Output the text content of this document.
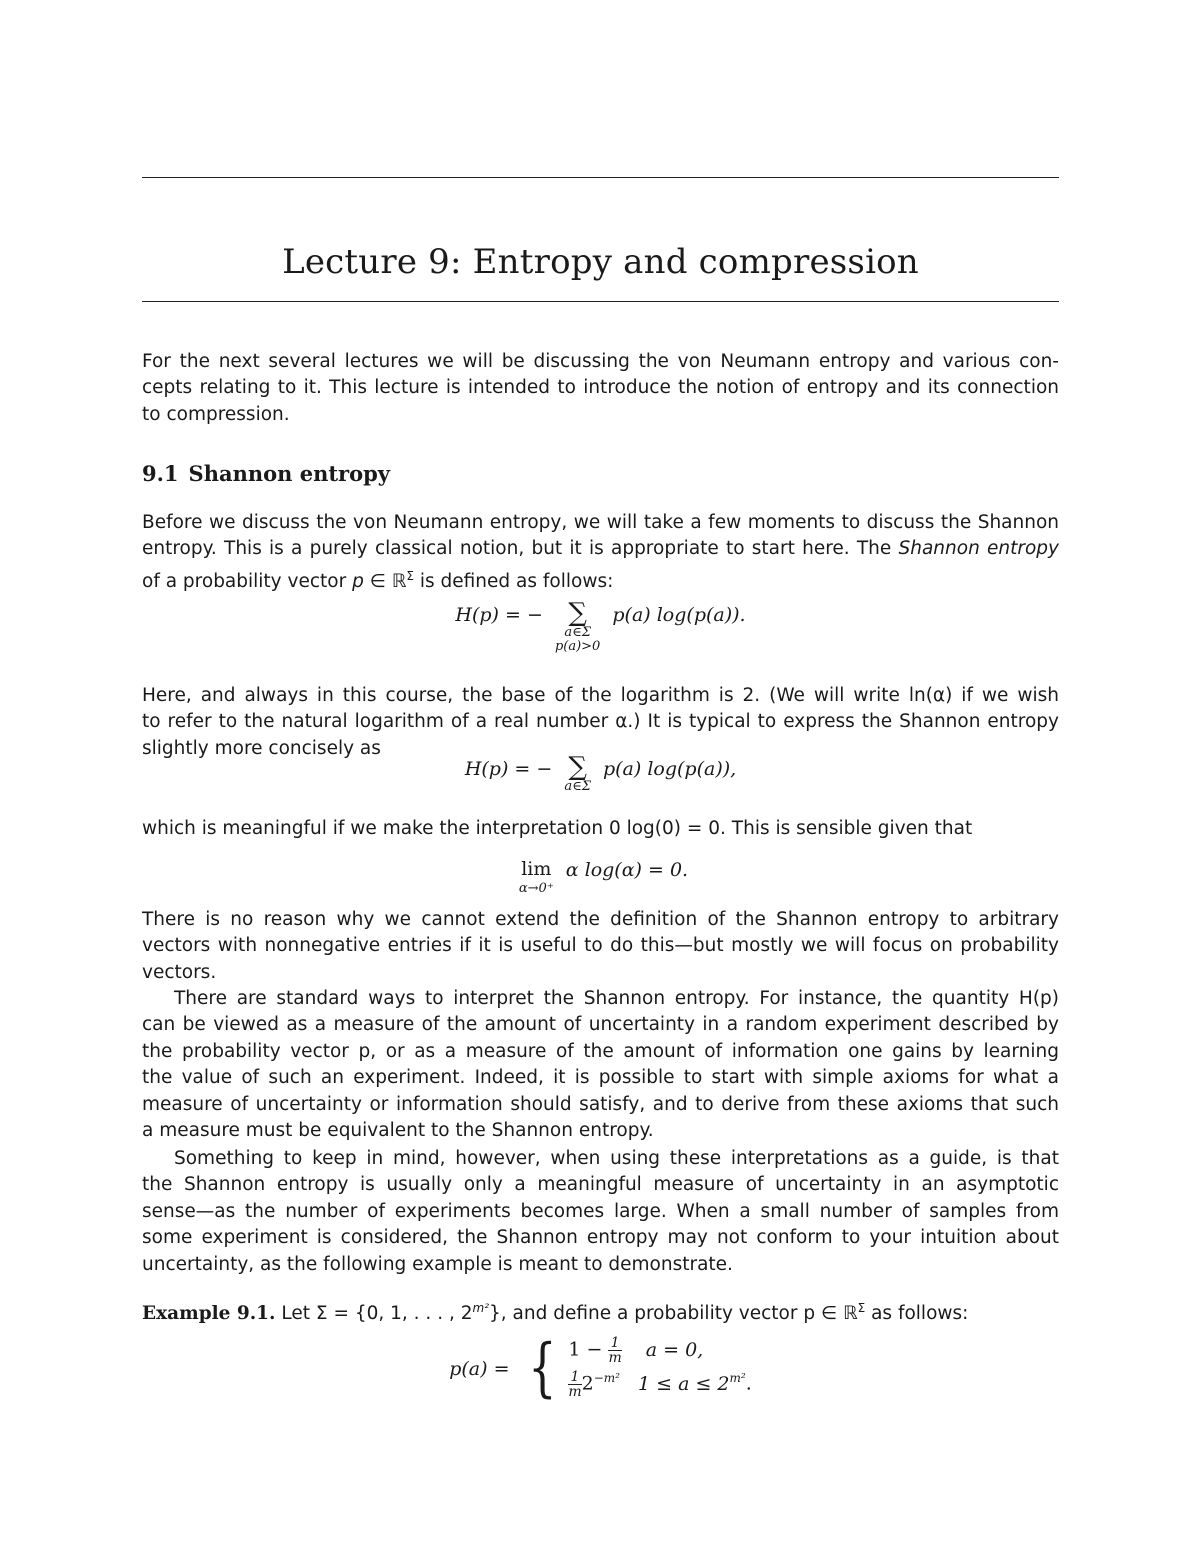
Lecture 9: Entropy and compression
For the next several lectures we will be discussing the von Neumann entropy and various con-
cepts relating to it. This lecture is intended to introduce the notion of entropy and its connection
to compression.
9.1 Shannon entropy
Before we discuss the von Neumann entropy, we will take a few moments to discuss the Shannon
entropy. This is a purely classical notion, but it is appropriate to start here. The Shannon entropy
of a probability vector p ∈ ℝ$^\Sigma$ is defined as follows:
H(p) = − ∑
a∈Σ
p(a)>0
p(a) log(p(a)).
Here, and always in this course, the base of the logarithm is 2. (We will write ln(α) if we wish
to refer to the natural logarithm of a real number α.) It is typical to express the Shannon entropy
slightly more concisely as
H(p) = − ∑
a∈Σ
p(a) log(p(a)),
which is meaningful if we make the interpretation 0 log(0) = 0. This is sensible given that
lim
α→0⁺
α log(α) = 0.
There is no reason why we cannot extend the definition of the Shannon entropy to arbitrary
vectors with nonnegative entries if it is useful to do this—but mostly we will focus on probability
vectors.
There are standard ways to interpret the Shannon entropy. For instance, the quantity H(p)
can be viewed as a measure of the amount of uncertainty in a random experiment described by
the probability vector p, or as a measure of the amount of information one gains by learning
the value of such an experiment. Indeed, it is possible to start with simple axioms for what a
measure of uncertainty or information should satisfy, and to derive from these axioms that such
a measure must be equivalent to the Shannon entropy.
Something to keep in mind, however, when using these interpretations as a guide, is that
the Shannon entropy is usually only a meaningful measure of uncertainty in an asymptotic
sense—as the number of experiments becomes large. When a small number of samples from
some experiment is considered, the Shannon entropy may not conform to your intuition about
uncertainty, as the following example is meant to demonstrate.
Example 9.1. Let Σ = {0, 1, . . . , $2^{m^2}$}, and define a probability vector p ∈ ℝ$^\Sigma$ as follows:
p(a) = { $1 - \frac{1}{m}$ a = 0,
$\frac{1}{m} 2^{-m^2}$ $1 \le a \le 2^{m^2}$.
